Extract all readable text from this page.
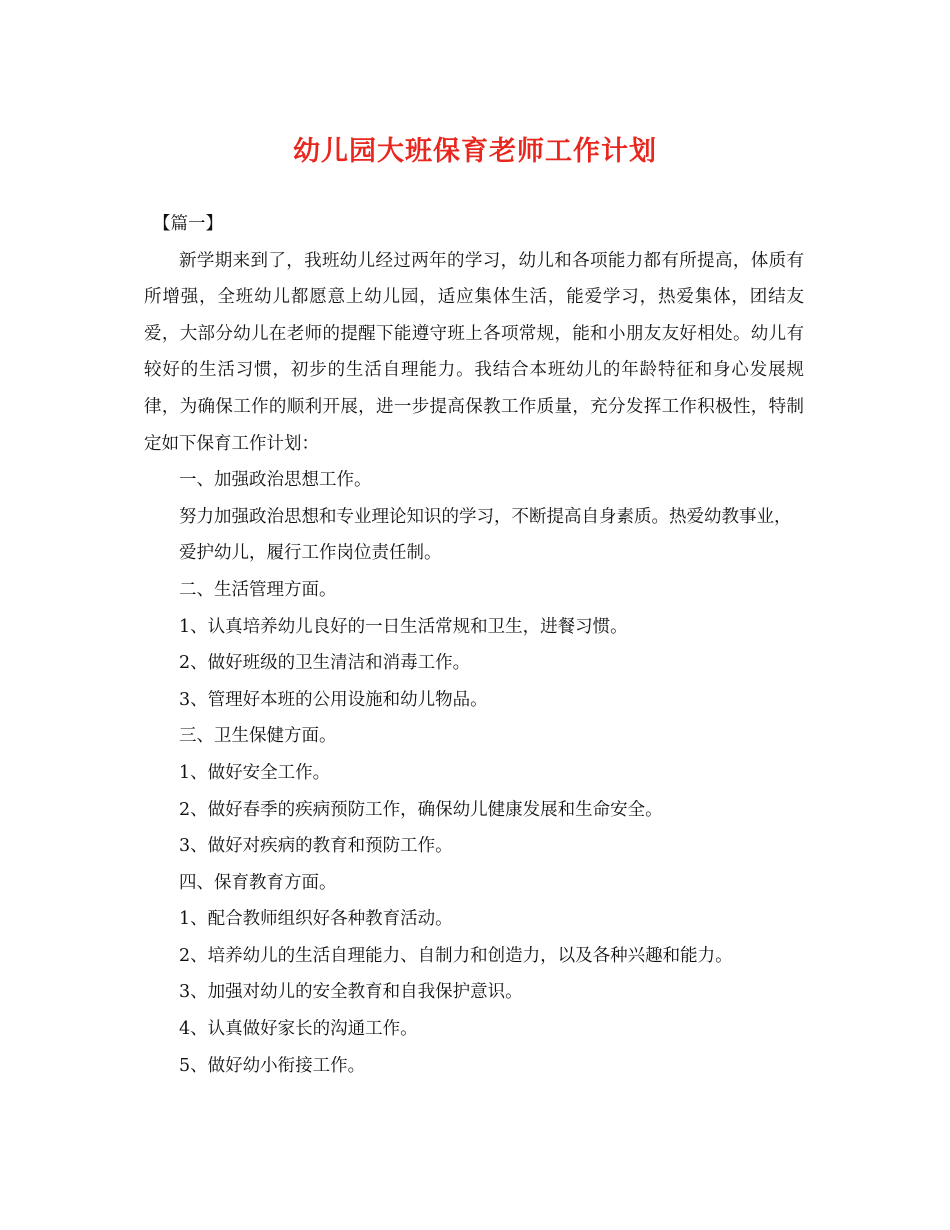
幼儿园大班保育老师工作计划

【篇一】

新学期来到了，我班幼儿经过两年的学习，幼儿和各项能力都有所提高，体质有所增强，全班幼儿都愿意上幼儿园，适应集体生活，能爱学习，热爱集体，团结友爱，大部分幼儿在老师的提醒下能遵守班上各项常规，能和小朋友友好相处。幼儿有较好的生活习惯，初步的生活自理能力。我结合本班幼儿的年龄特征和身心发展规律，为确保工作的顺利开展，进一步提高保教工作质量，充分发挥工作积极性，特制定如下保育工作计划：

一、加强政治思想工作。

努力加强政治思想和专业理论知识的学习，不断提高自身素质。热爱幼教事业，

爱护幼儿，履行工作岗位责任制。

二、生活管理方面。

1、认真培养幼儿良好的一日生活常规和卫生，进餐习惯。

2、做好班级的卫生清洁和消毒工作。

3、管理好本班的公用设施和幼儿物品。

三、卫生保健方面。

1、做好安全工作。

2、做好春季的疾病预防工作，确保幼儿健康发展和生命安全。

3、做好对疾病的教育和预防工作。

四、保育教育方面。

1、配合教师组织好各种教育活动。

2、培养幼儿的生活自理能力、自制力和创造力，以及各种兴趣和能力。

3、加强对幼儿的安全教育和自我保护意识。

4、认真做好家长的沟通工作。

5、做好幼小衔接工作。
